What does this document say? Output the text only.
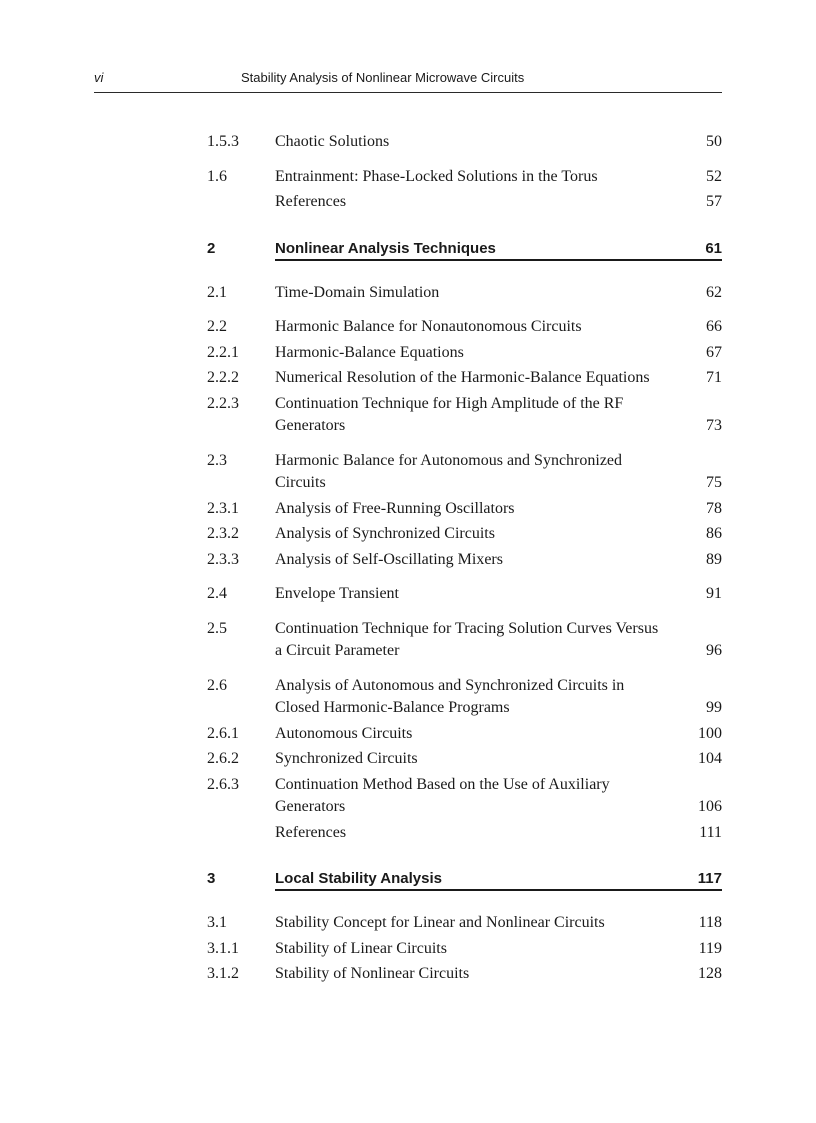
vi	Stability Analysis of Nonlinear Microwave Circuits
1.5.3 Chaotic Solutions	50
1.6	Entrainment: Phase-Locked Solutions in the Torus	52
References	57
2	Nonlinear Analysis Techniques	61
2.1	Time-Domain Simulation	62
2.2	Harmonic Balance for Nonautonomous Circuits	66
2.2.1 Harmonic-Balance Equations	67
2.2.2 Numerical Resolution of the Harmonic-Balance Equations	71
2.2.3 Continuation Technique for High Amplitude of the RF Generators	73
2.3	Harmonic Balance for Autonomous and Synchronized Circuits	75
2.3.1 Analysis of Free-Running Oscillators	78
2.3.2 Analysis of Synchronized Circuits	86
2.3.3 Analysis of Self-Oscillating Mixers	89
2.4	Envelope Transient	91
2.5	Continuation Technique for Tracing Solution Curves Versus a Circuit Parameter	96
2.6	Analysis of Autonomous and Synchronized Circuits in Closed Harmonic-Balance Programs	99
2.6.1 Autonomous Circuits	100
2.6.2 Synchronized Circuits	104
2.6.3 Continuation Method Based on the Use of Auxiliary Generators	106
References	111
3	Local Stability Analysis	117
3.1	Stability Concept for Linear and Nonlinear Circuits	118
3.1.1 Stability of Linear Circuits	119
3.1.2 Stability of Nonlinear Circuits	128
